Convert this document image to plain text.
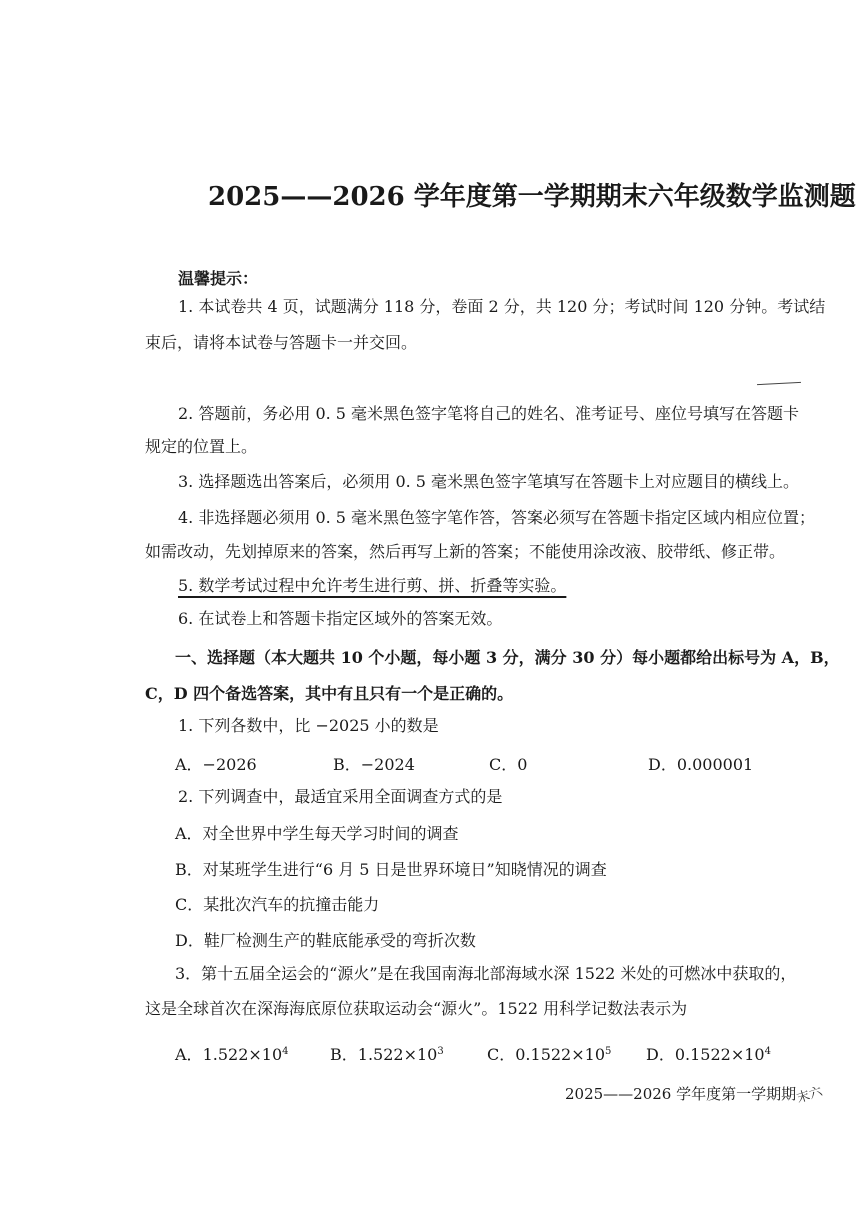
2025——2026 学年度第一学期期末六年级数学监测题
温馨提示：
1. 本试卷共 4 页，试题满分 118 分，卷面 2 分，共 120 分；考试时间 120 分钟。考试结
束后，请将本试卷与答题卡一并交回。
2. 答题前，务必用 0. 5 毫米黑色签字笔将自己的姓名、准考证号、座位号填写在答题卡
规定的位置上。
3. 选择题选出答案后，必须用 0. 5 毫米黑色签字笔填写在答题卡上对应题目的横线上。
4. 非选择题必须用 0. 5 毫米黑色签字笔作答，答案必须写在答题卡指定区域内相应位置；
如需改动，先划掉原来的答案，然后再写上新的答案；不能使用涂改液、胶带纸、修正带。
5. 数学考试过程中允许考生进行剪、拼、折叠等实验。
6. 在试卷上和答题卡指定区域外的答案无效。
一、选择题（本大题共 10 个小题，每小题 3 分，满分 30 分）每小题都给出标号为 A，B，
C，D 四个备选答案，其中有且只有一个是正确的。
1. 下列各数中，比 −2025 小的数是
A．−2026	B．−2024	C．0	D．0.000001
2. 下列调查中，最适宜采用全面调查方式的是
A．对全世界中学生每天学习时间的调查
B．对某班学生进行“6 月 5 日是世界环境日”知晓情况的调查
C．某批次汽车的抗撞击能力
D．鞋厂检测生产的鞋底能承受的弯折次数
3．第十五届全运会的“源火”是在我国南海北部海域水深 1522 米处的可燃冰中获取的，
这是全球首次在深海海底原位获取运动会“源火”。1522 用科学记数法表示为
A．$1.522\times 10^4$	B．$1.522\times 10^3$	C．$0.1522\times 10^5$ D．$0.1522\times 10^4$
2025——2026 学年度第一学期期末六
